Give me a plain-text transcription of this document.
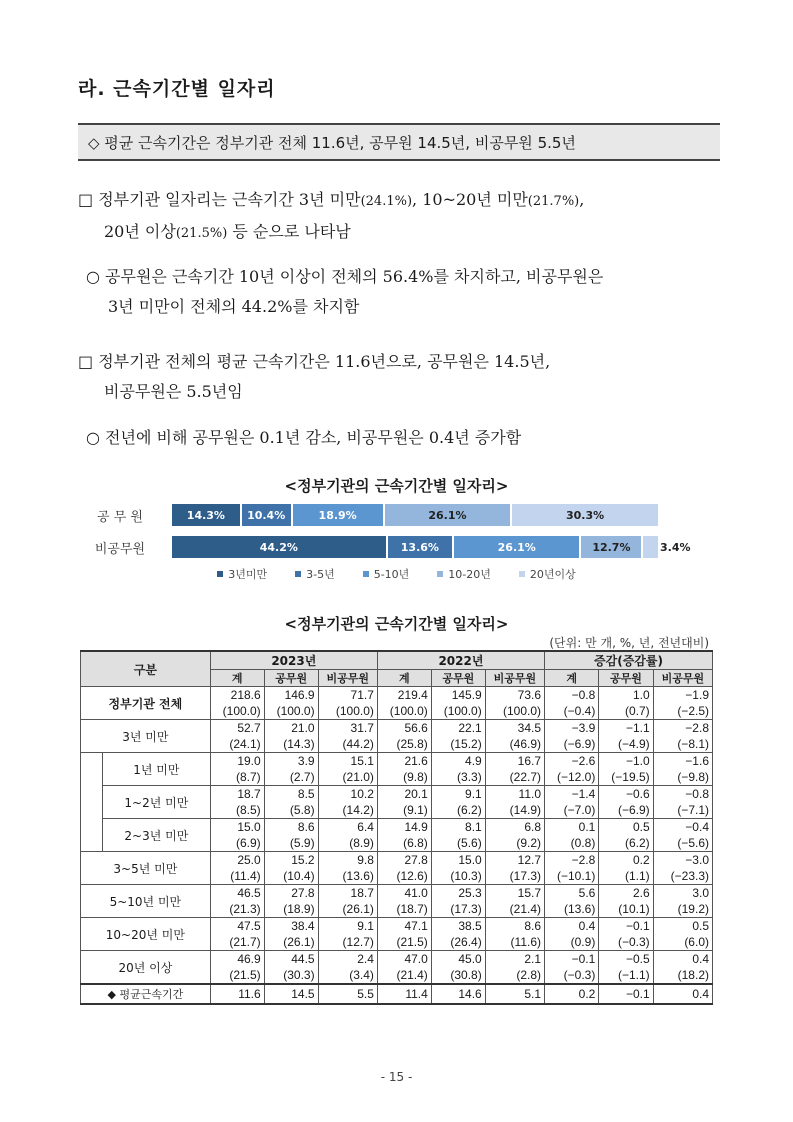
라. 근속기간별 일자리
◇ 평균 근속기간은 정부기관 전체 11.6년, 공무원 14.5년, 비공무원 5.5년
□ 정부기관 일자리는 근속기간 3년 미만(24.1%), 10~20년 미만(21.7%),
20년 이상(21.5%) 등 순으로 나타남
○ 공무원은 근속기간 10년 이상이 전체의 56.4%를 차지하고, 비공무원은
3년 미만이 전체의 44.2%를 차지함
□ 정부기관 전체의 평균 근속기간은 11.6년으로, 공무원은 14.5년,
비공무원은 5.5년임
○ 전년에 비해 공무원은 0.1년 감소, 비공무원은 0.4년 증가함
<정부기관의 근속기간별 일자리>
공 무 원	14.3% 10.4%	18.9%	26.1%	30.3%
비공무원	44.2%	13.6%	26.1%	12.7%	3.4%
3년미만	3-5년	5-10년	10-20년	20년이상
<정부기관의 근속기간별 일자리>
(단위: 만 개, %, 년, 전년대비)
구분		2023년			2022년			증감(증감률)		
		계	공무원	비공무원	계	공무원	비공무원	계	공무원	비공무원
정부기관 전체		218.6	146.9	71.7	219.4	145.9	73.6	−0.8	1.0	−1.9
		(100.0)	(100.0)	(100.0)	(100.0)	(100.0)	(100.0)	(−0.4)	(0.7)	(−2.5)
3년 미만		52.7	21.0	31.7	56.6	22.1	34.5	−3.9	−1.1	−2.8
		(24.1)	(14.3)	(44.2)	(25.8)	(15.2)	(46.9)	(−6.9)	(−4.9)	(−8.1)
	1년 미만	19.0	3.9	15.1	21.6	4.9	16.7	−2.6	−1.0	−1.6
		(8.7)	(2.7)	(21.0)	(9.8)	(3.3)	(22.7)	(−12.0)	(−19.5)	(−9.8)
	1~2년 미만	18.7	8.5	10.2	20.1	9.1	11.0	−1.4	−0.6	−0.8
		(8.5)	(5.8)	(14.2)	(9.1)	(6.2)	(14.9)	(−7.0)	(−6.9)	(−7.1)
	2~3년 미만	15.0	8.6	6.4	14.9	8.1	6.8	0.1	0.5	−0.4
		(6.9)	(5.9)	(8.9)	(6.8)	(5.6)	(9.2)	(0.8)	(6.2)	(−5.6)
3~5년 미만		25.0	15.2	9.8	27.8	15.0	12.7	−2.8	0.2	−3.0
		(11.4)	(10.4)	(13.6)	(12.6)	(10.3)	(17.3)	(−10.1)	(1.1)	(−23.3)
5~10년 미만		46.5	27.8	18.7	41.0	25.3	15.7	5.6	2.6	3.0
		(21.3)	(18.9)	(26.1)	(18.7)	(17.3)	(21.4)	(13.6)	(10.1)	(19.2)
10~20년 미만		47.5	38.4	9.1	47.1	38.5	8.6	0.4	−0.1	0.5
		(21.7)	(26.1)	(12.7)	(21.5)	(26.4)	(11.6)	(0.9)	(−0.3)	(6.0)
20년 이상		46.9	44.5	2.4	47.0	45.0	2.1	−0.1	−0.5	0.4
		(21.5)	(30.3)	(3.4)	(21.4)	(30.8)	(2.8)	(−0.3)	(−1.1)	(18.2)
◆ 평균근속기간		11.6	14.5	5.5	11.4	14.6	5.1	0.2	−0.1	0.4
- 15 -
